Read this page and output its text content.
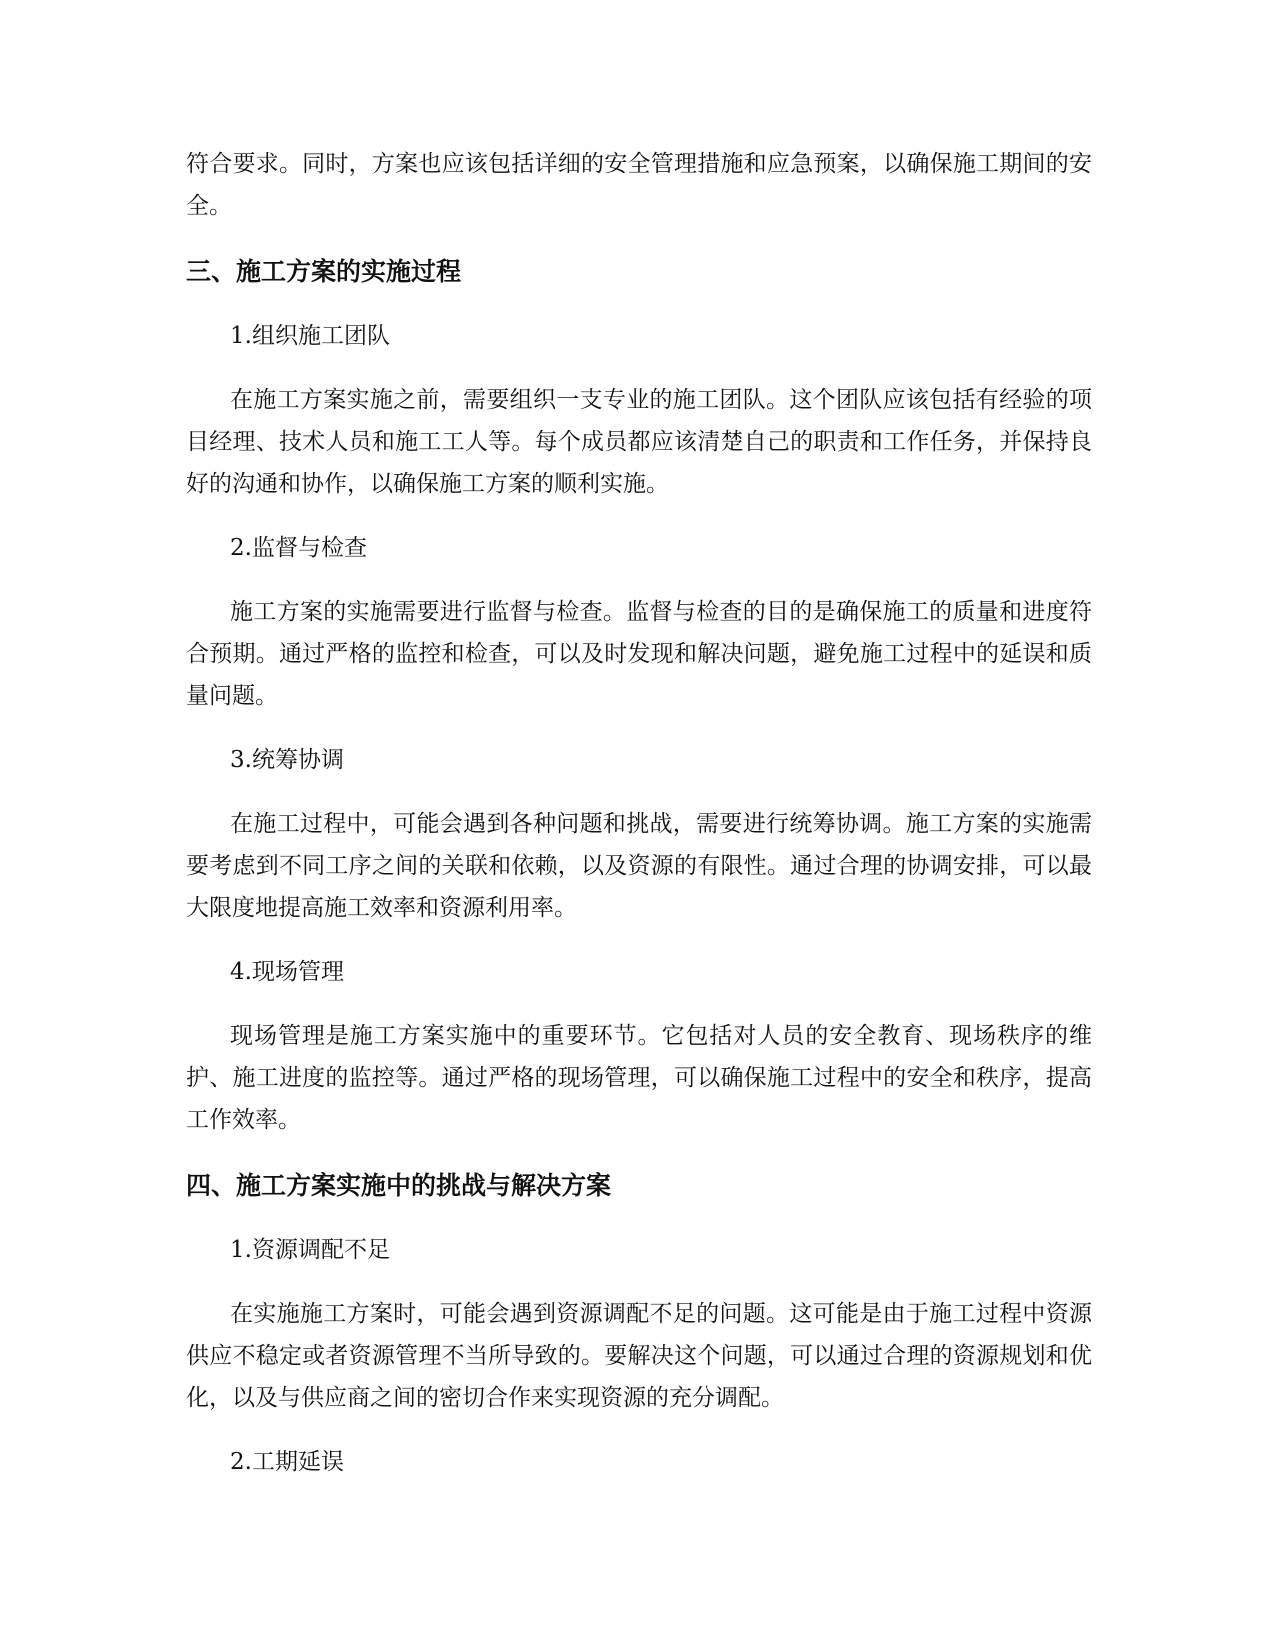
符合要求。同时，方案也应该包括详细的安全管理措施和应急预案，以确保施工期间的安全。

三、施工方案的实施过程

1.组织施工团队

在施工方案实施之前，需要组织一支专业的施工团队。这个团队应该包括有经验的项目经理、技术人员和施工工人等。每个成员都应该清楚自己的职责和工作任务，并保持良好的沟通和协作，以确保施工方案的顺利实施。

2.监督与检查

施工方案的实施需要进行监督与检查。监督与检查的目的是确保施工的质量和进度符合预期。通过严格的监控和检查，可以及时发现和解决问题，避免施工过程中的延误和质量问题。

3.统筹协调

在施工过程中，可能会遇到各种问题和挑战，需要进行统筹协调。施工方案的实施需要考虑到不同工序之间的关联和依赖，以及资源的有限性。通过合理的协调安排，可以最大限度地提高施工效率和资源利用率。

4.现场管理

现场管理是施工方案实施中的重要环节。它包括对人员的安全教育、现场秩序的维护、施工进度的监控等。通过严格的现场管理，可以确保施工过程中的安全和秩序，提高工作效率。

四、施工方案实施中的挑战与解决方案

1.资源调配不足

在实施施工方案时，可能会遇到资源调配不足的问题。这可能是由于施工过程中资源供应不稳定或者资源管理不当所导致的。要解决这个问题，可以通过合理的资源规划和优化，以及与供应商之间的密切合作来实现资源的充分调配。

2.工期延误
